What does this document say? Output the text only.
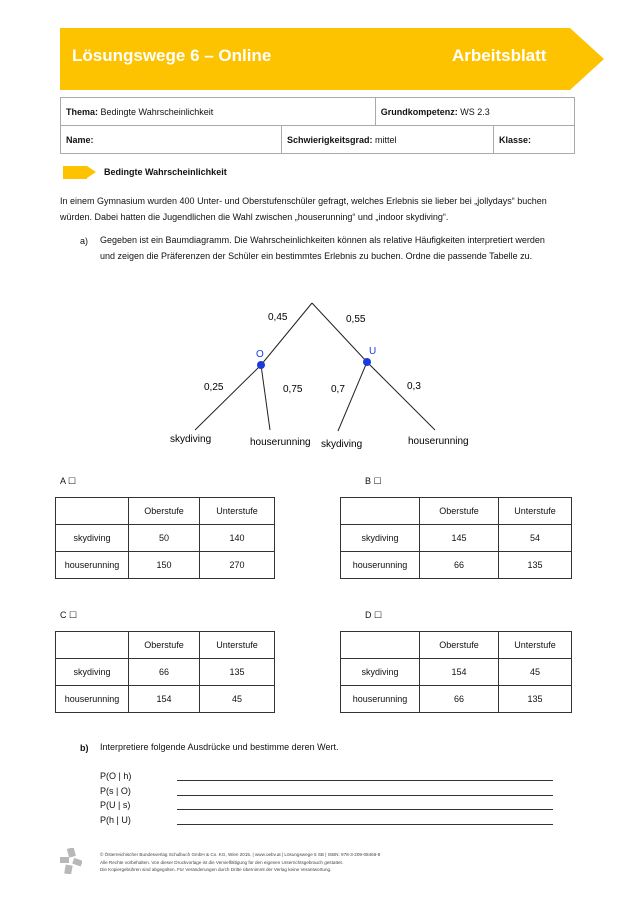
Lösungswege 6 – Online	Arbeitsblatt
Thema: Bedingte Wahrscheinlichkeit		Grundkompetenz: WS 2.3	
Name:	Schwierigkeitsgrad: mittel		Klasse:
Bedingte Wahrscheinlichkeit
In einem Gymnasium wurden 400 Unter- und Oberstufenschüler gefragt, welches Erlebnis sie lieber bei „jollydays“ buchen
würden. Dabei hatten die Jugendlichen die Wahl zwischen „houserunning“ und „indoor skydiving“.
a) Gegeben ist ein Baumdiagramm. Die Wahrscheinlichkeiten können als relative Häufigkeiten interpretiert werden
und zeigen die Präferenzen der Schüler ein bestimmtes Erlebnis zu buchen. Ordne die passende Tabelle zu.
O	U
0,45	0,55
0,25	0,75	0,7	0,3
skydiving	houserunning skydiving	houserunning
A ☐
	Oberstufe	Unterstufe
skydiving	50	140
houserunning	150	270
B ☐
	Oberstufe	Unterstufe
skydiving	145	54
houserunning	66	135
C ☐
	Oberstufe	Unterstufe
skydiving	66	135
houserunning	154	45
D ☐
	Oberstufe	Unterstufe
skydiving	154	45
houserunning	66	135
b) Interpretiere folgende Ausdrücke und bestimme deren Wert.
P(O | h)
P(s | O)
P(U | s)
P(h | U)
© Österreichischer Bundesverlag Schulbuch GmbH & Co. KG, Wien 2015. | www.oebv.at | Lösungswege 5 SB | ISBN: 978-3-209-08466-8
Alle Rechte vorbehalten. Von dieser Druckvorlage ist die Vervielfältigung für den eigenen Unterrichtsgebrauch gestattet.
Die Kopiergebühren sind abgegolten. Für Veränderungen durch Dritte übernimmt der Verlag keine Verantwortung.
